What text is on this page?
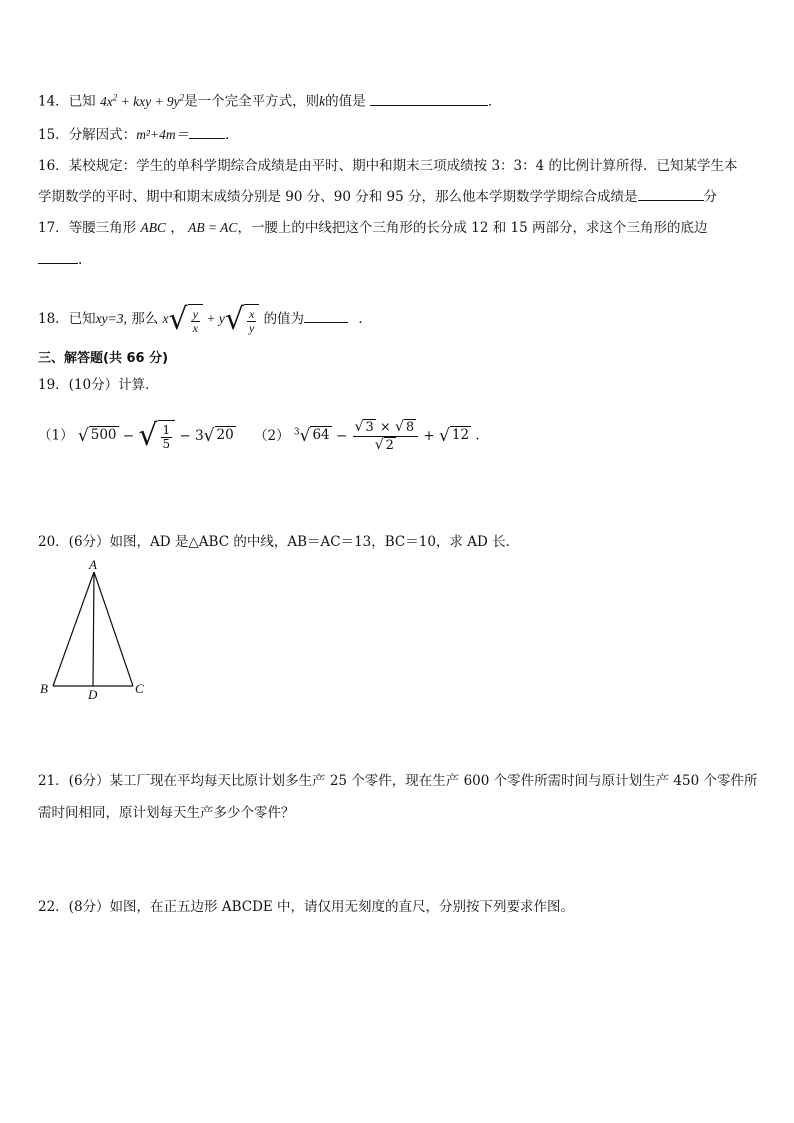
14．已知 $4x^2$ + kxy + $9y^2$是一个完全平方式，则k的值是	．
15．分解因式：m²+4m＝	．
16．某校规定：学生的单科学期综合成绩是由平时、期中和期末三项成绩按 3：3：4 的比例计算所得．已知某学生本
学期数学的平时、期中和期末成绩分别是 90 分、90 分和 95 分，那么他本学期数学学期综合成绩是	分
17．等腰三角形 ABC ， AB = AC，一腰上的中线把这个三角形的长分成 12 和 15 两部分，求这个三角形的底边
.
18．已知xy=3, 那么 x √ $\frac{y}{x} + y$ √ $\frac{x}{y}$ 的值为	．
三、解答题(共 66 分)
19．(10分）计算．
（1） √ 500 − √ $\frac{1}{5} - 3$ √ 20 （2） $^3$ √ $64 - \frac{√ 3 \times √ 8}{√ 2}$ + √ 12 ．
20．(6分）如图，AD 是△ABC 的中线，AB＝AC＝13，BC＝10，求 AD 长．
A
B	D	C
21．(6分）某工厂现在平均每天比原计划多生产 25 个零件，现在生产 600 个零件所需时间与原计划生产 450 个零件所
需时间相同，原计划每天生产多少个零件？
22．(8分）如图，在正五边形 ABCDE 中，请仅用无刻度的直尺，分别按下列要求作图。
